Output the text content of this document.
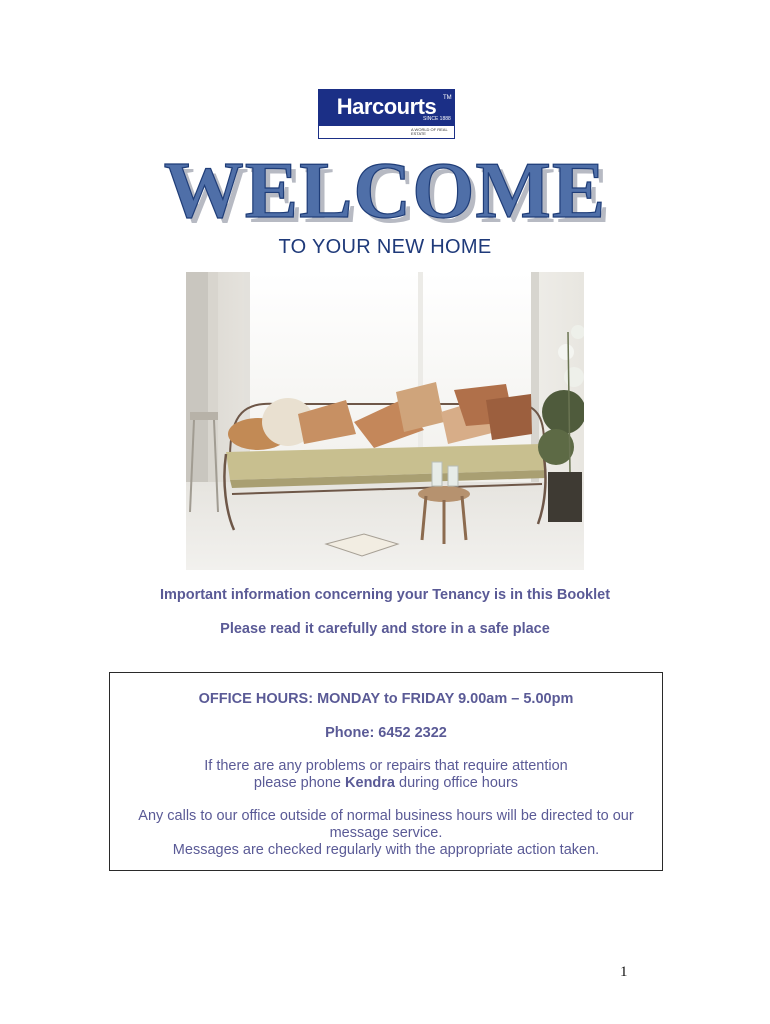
Harcourts	TM
SINCE 1888
A WORLD OF REAL ESTATE
WELCOME
TO YOUR NEW HOME
Important information concerning your Tenancy is in this Booklet
Please read it carefully and store in a safe place
OFFICE HOURS: MONDAY to FRIDAY 9.00am – 5.00pm
Phone: 6452 2322
If there are any problems or repairs that require attention
please phone Kendra during office hours
Any calls to our office outside of normal business hours will be directed to our
message service.
Messages are checked regularly with the appropriate action taken.
1
